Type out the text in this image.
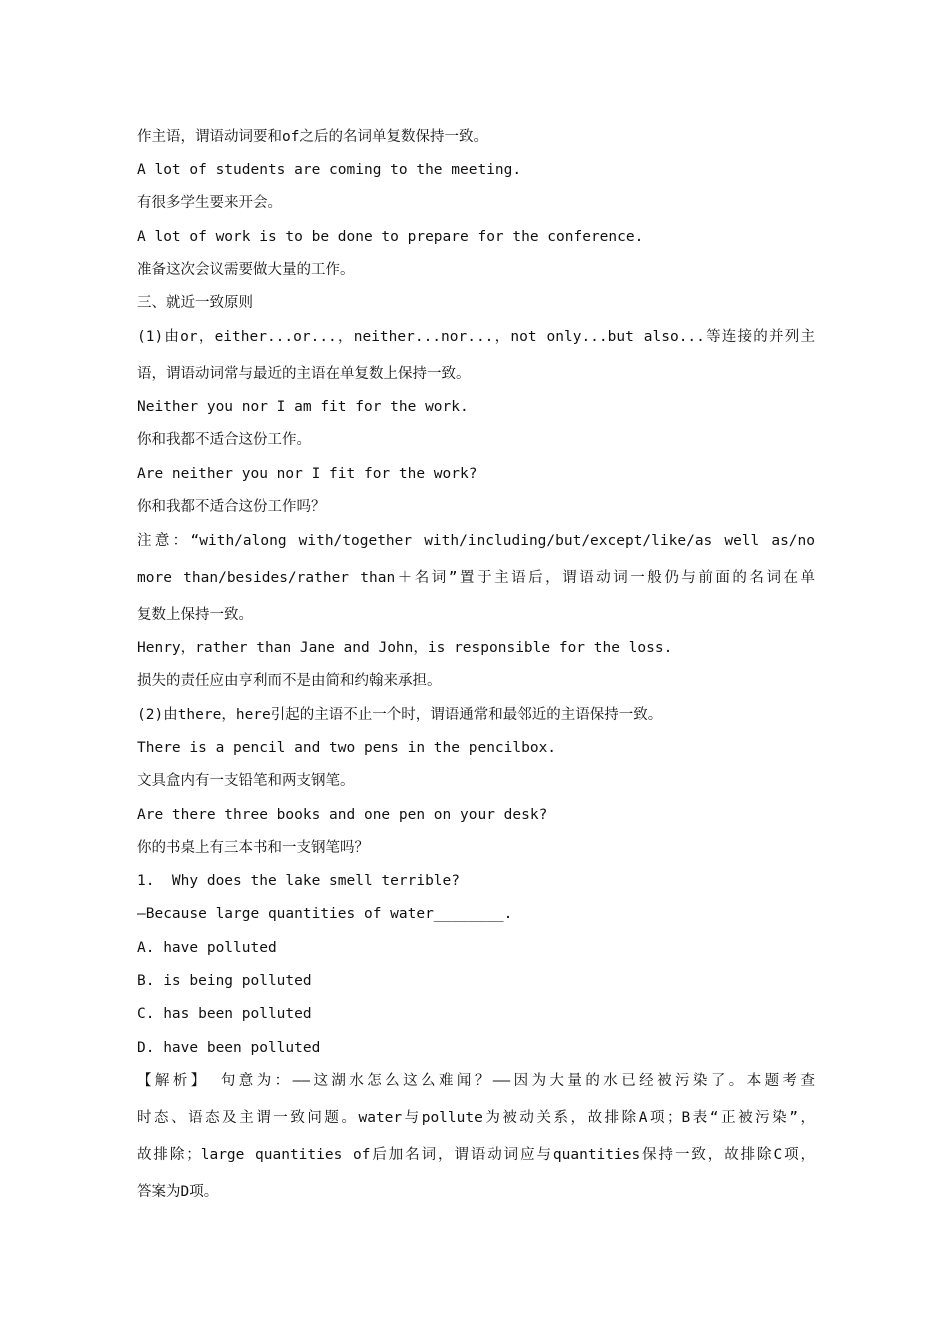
作主语，谓语动词要和of之后的名词单复数保持一致。
A lot of students are coming to the meeting.
有很多学生要来开会。
A lot of work is to be done to prepare for the conference.
准备这次会议需要做大量的工作。
三、就近一致原则
(1)由or，either...or...，neither...nor...，not only...but also...等连接的并列主
语，谓语动词常与最近的主语在单复数上保持一致。
Neither you nor I am fit for the work.
你和我都不适合这份工作。
Are neither you nor I fit for the work?
你和我都不适合这份工作吗？
注意：“with/along with/together with/including/but/except/like/as well as/no
more than/besides/rather than＋名词”置于主语后，谓语动词一般仍与前面的名词在单
复数上保持一致。
Henry，rather than Jane and John，is responsible for the loss.
损失的责任应由亨利而不是由简和约翰来承担。
(2)由there，here引起的主语不止一个时，谓语通常和最邻近的主语保持一致。
There is a pencil and two pens in the pencilbox.
文具盒内有一支铅笔和两支钢笔。
Are there three books and one pen on your desk?
你的书桌上有三本书和一支钢笔吗？
1.  Why does the lake smell terrible?
—Because large quantities of water________.
A. have polluted
B. is being polluted
C. has been polluted
D. have been polluted
【解析】 句意为：——这湖水怎么这么难闻？——因为大量的水已经被污染了。本题考查
时态、语态及主谓一致问题。water与pollute为被动关系，故排除A项；B表“正被污染”，
故排除；large quantities of后加名词，谓语动词应与quantities保持一致，故排除C项，
答案为D项。
